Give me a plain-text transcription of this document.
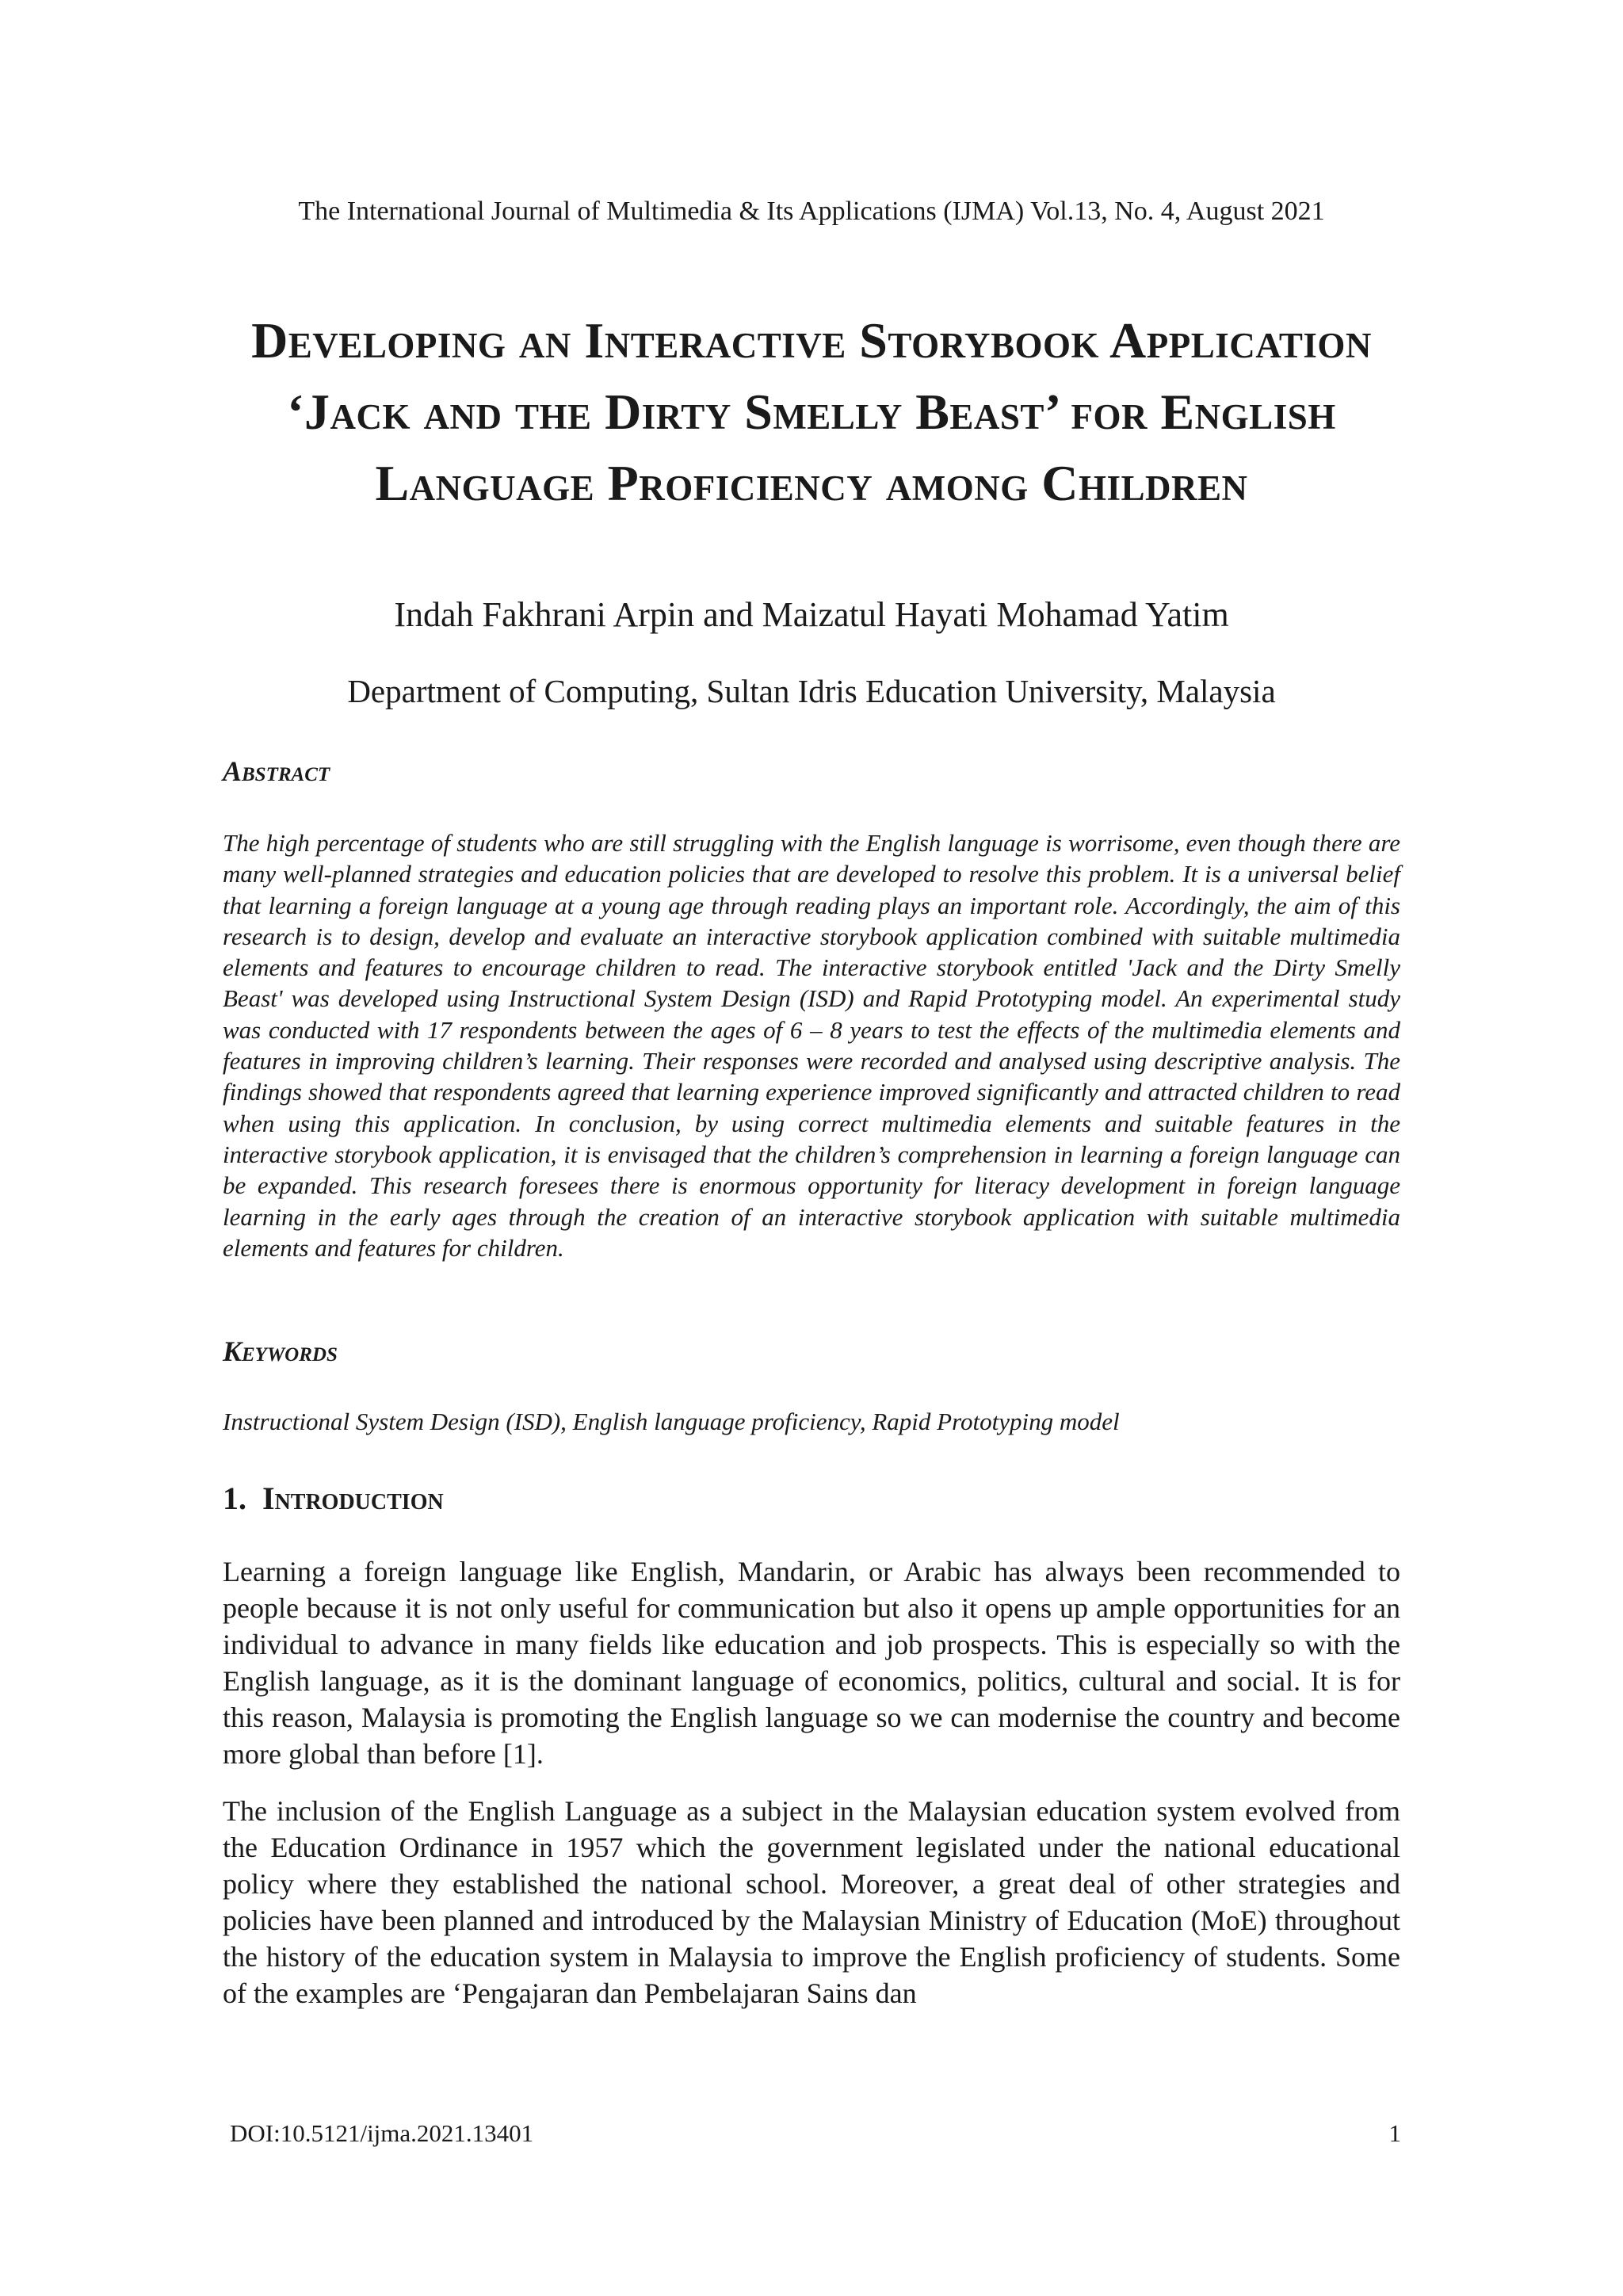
The International Journal of Multimedia & Its Applications (IJMA) Vol.13, No. 4, August 2021
Developing an Interactive Storybook Application ‘Jack and the Dirty Smelly Beast’ for English Language Proficiency among Children
Indah Fakhrani Arpin and Maizatul Hayati Mohamad Yatim
Department of Computing, Sultan Idris Education University, Malaysia
Abstract
The high percentage of students who are still struggling with the English language is worrisome, even though there are many well-planned strategies and education policies that are developed to resolve this problem. It is a universal belief that learning a foreign language at a young age through reading plays an important role. Accordingly, the aim of this research is to design, develop and evaluate an interactive storybook application combined with suitable multimedia elements and features to encourage children to read. The interactive storybook entitled 'Jack and the Dirty Smelly Beast' was developed using Instructional System Design (ISD) and Rapid Prototyping model. An experimental study was conducted with 17 respondents between the ages of 6 – 8 years to test the effects of the multimedia elements and features in improving children’s learning. Their responses were recorded and analysed using descriptive analysis. The findings showed that respondents agreed that learning experience improved significantly and attracted children to read when using this application. In conclusion, by using correct multimedia elements and suitable features in the interactive storybook application, it is envisaged that the children’s comprehension in learning a foreign language can be expanded. This research foresees there is enormous opportunity for literacy development in foreign language learning in the early ages through the creation of an interactive storybook application with suitable multimedia elements and features for children.
Keywords
Instructional System Design (ISD), English language proficiency, Rapid Prototyping model
1. Introduction
Learning a foreign language like English, Mandarin, or Arabic has always been recommended to people because it is not only useful for communication but also it opens up ample opportunities for an individual to advance in many fields like education and job prospects. This is especially so with the English language, as it is the dominant language of economics, politics, cultural and social. It is for this reason, Malaysia is promoting the English language so we can modernise the country and become more global than before [1].
The inclusion of the English Language as a subject in the Malaysian education system evolved from the Education Ordinance in 1957 which the government legislated under the national educational policy where they established the national school. Moreover, a great deal of other strategies and policies have been planned and introduced by the Malaysian Ministry of Education (MoE) throughout the history of the education system in Malaysia to improve the English proficiency of students. Some of the examples are ‘Pengajaran dan Pembelajaran Sains dan
DOI:10.5121/ijma.2021.13401	1
